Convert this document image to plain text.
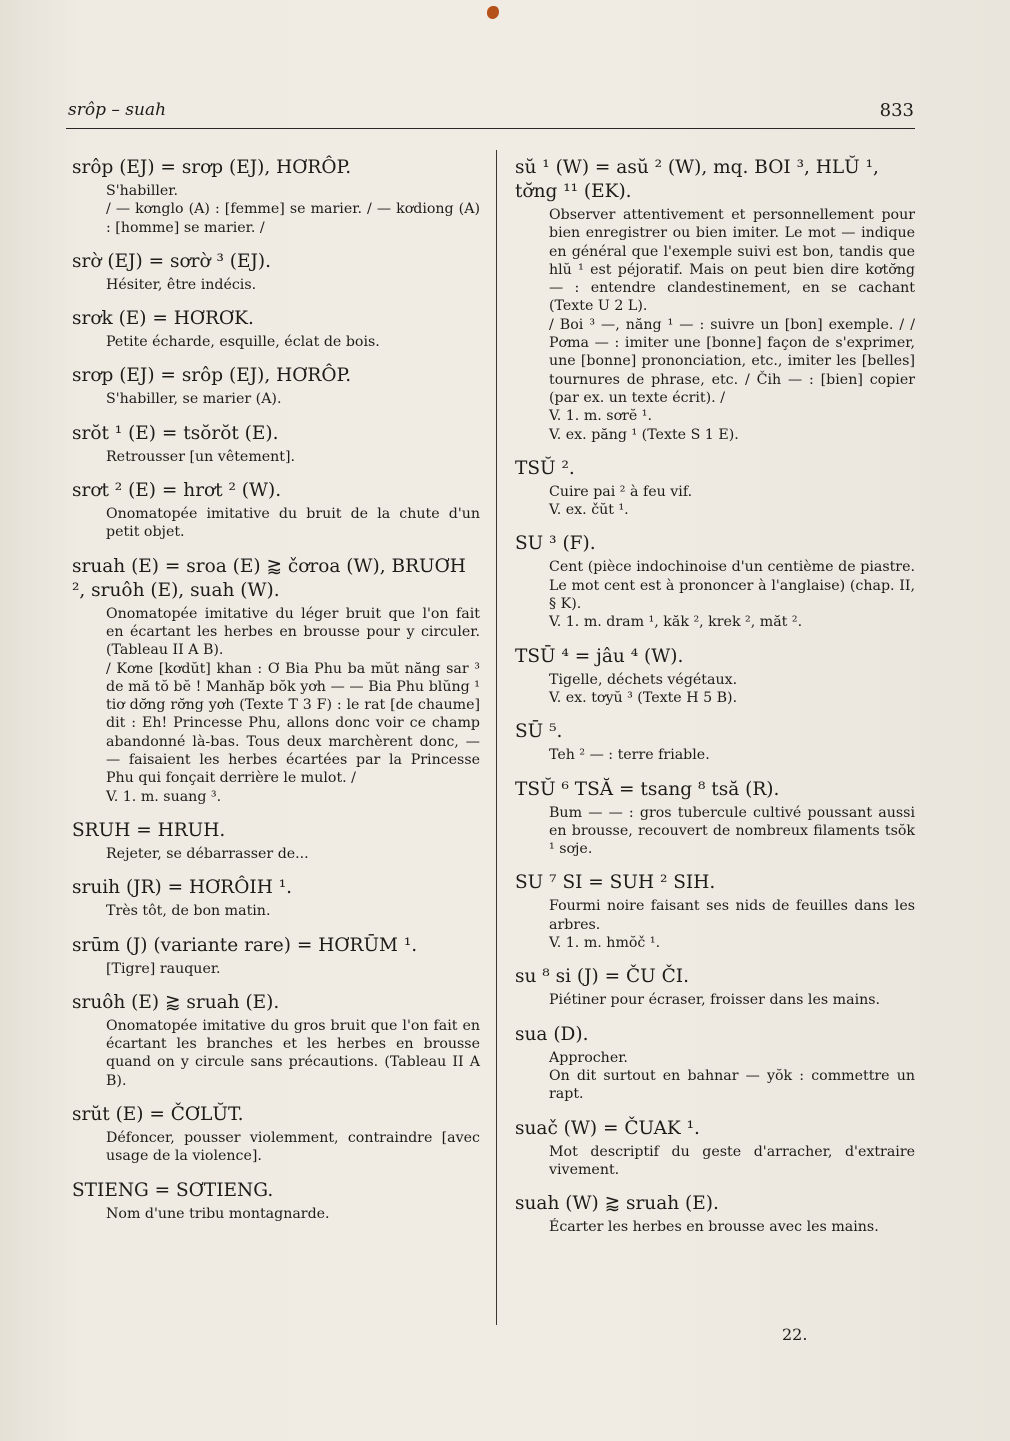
srôp – suah	833

srôp (EJ) = srơp (EJ), HƠRÔP.

S'habiller.

/ — kơnglo (A) : [femme] se marier. / — kơdiong (A) : [homme] se marier. /

srờ (EJ) = sơrờ ³ (EJ).

Hésiter, être indécis.

srơk (E) = HƠRƠK.

Petite écharde, esquille, éclat de bois.

srơp (EJ) = srôp (EJ), HƠRÔP.

S'habiller, se marier (A).

srŏt ¹ (E) = tsŏrŏt (E).

Retrousser [un vêtement].

srơt ² (E) = hrơt ² (W).

Onomatopée imitative du bruit de la chute d'un petit objet.

sruah (E) = sroa (E) ⪆ čơroa (W), BRUƠH ², sruôh (E), suah (W).

Onomatopée imitative du léger bruit que l'on fait en écartant les herbes en brousse pour y circuler. (Tableau II A B).

/ Kơne [kơdŭt] khan : Ơ Bia Phu ba mŭt năng sar ³ de mă tŏ bĕ ! Manhăp bŏk yơh — — Bia Phu blŭng ¹ tiơ dơ̆ng rơ̆ng yơh (Texte T 3 F) : le rat [de chaume] dit : Eh! Princesse Phu, allons donc voir ce champ abandonné là-bas. Tous deux marchèrent donc, — — faisaient les herbes écartées par la Princesse Phu qui fonçait derrière le mulot. /

V. 1. m. suang ³.

SRUH = HRUH.

Rejeter, se débarrasser de...

sruih (JR) = HƠRÔIH ¹.

Très tôt, de bon matin.

srūm (J) (variante rare) = HƠRŪM ¹.

[Tigre] rauquer.

sruôh (E) ⪆ sruah (E).

Onomatopée imitative du gros bruit que l'on fait en écartant les branches et les herbes en brousse quand on y circule sans précautions. (Tableau II A B).

srŭt (E) = ČƠLŬT.

Défoncer, pousser violemment, contraindre [avec usage de la violence].

STIENG = SƠTIENG.

Nom d'une tribu montagnarde.

sŭ ¹ (W) = asŭ ² (W), mq. BOI ³, HLŬ ¹, tơ̆ng ¹¹ (EK).

Observer attentivement et personnellement pour bien enregistrer ou bien imiter. Le mot — indique en général que l'exemple suivi est bon, tandis que hlŭ ¹ est péjoratif. Mais on peut bien dire kơtơ̆ng — : entendre clandestinement, en se cachant (Texte U 2 L).

/ Boi ³ —, năng ¹ — : suivre un [bon] exemple. / / Pơma — : imiter une [bonne] façon de s'exprimer, une [bonne] prononciation, etc., imiter les [belles] tournures de phrase, etc. / Čih — : [bien] copier (par ex. un texte écrit). /

V. 1. m. sơrĕ ¹.

V. ex. păng ¹ (Texte S 1 E).

TSŬ ².

Cuire pai ² à feu vif.

V. ex. čŭt ¹.

SU ³ (F).

Cent (pièce indochinoise d'un centième de piastre. Le mot cent est à prononcer à l'anglaise) (chap. II, § K).

V. 1. m. dram ¹, kăk ², krek ², măt ².

TSŪ ⁴ = jâu ⁴ (W).

Tigelle, déchets végétaux.

V. ex. tơyŭ ³ (Texte H 5 B).

SŪ ⁵.

Teh ² — : terre friable.

TSŬ ⁶ TSĂ = tsang ⁸ tsă (R).

Bum — — : gros tubercule cultivé poussant aussi en brousse, recouvert de nombreux filaments tsŏk ¹ sơje.

SU ⁷ SI = SUH ² SIH.

Fourmi noire faisant ses nids de feuilles dans les arbres.

V. 1. m. hmŏč ¹.

su ⁸ si (J) = ČU ČI.

Piétiner pour écraser, froisser dans les mains.

sua (D).

Approcher.

On dit surtout en bahnar — yŏk : commettre un rapt.

suač (W) = ČUAK ¹.

Mot descriptif du geste d'arracher, d'extraire vivement.

suah (W) ⪆ sruah (E).

Écarter les herbes en brousse avec les mains.

22.
